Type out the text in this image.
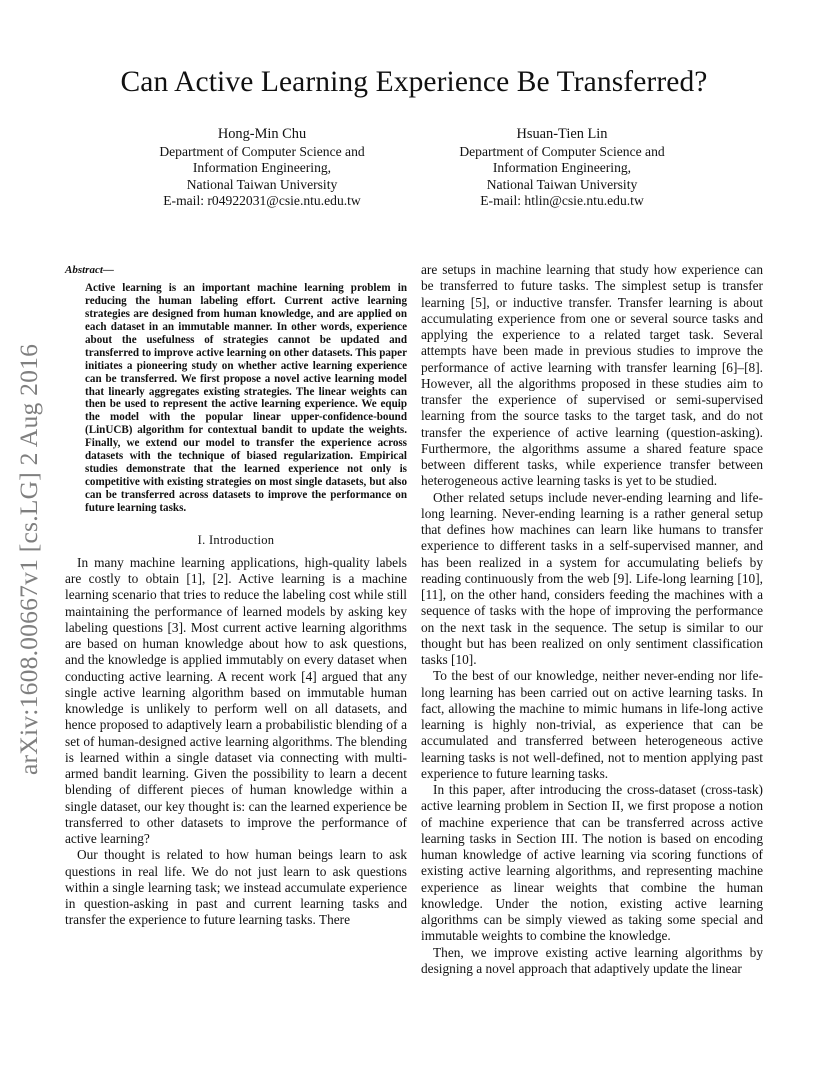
Can Active Learning Experience Be Transferred?
Hong-Min Chu
Department of Computer Science and
Information Engineering,
National Taiwan University
E-mail: r04922031@csie.ntu.edu.tw
Hsuan-Tien Lin
Department of Computer Science and
Information Engineering,
National Taiwan University
E-mail: htlin@csie.ntu.edu.tw
arXiv:1608.00667v1 [cs.LG] 2 Aug 2016
Abstract—
Active learning is an important machine learning problem in reducing the human labeling effort. Current active learning strategies are designed from human knowledge, and are applied on each dataset in an immutable manner. In other words, experience about the usefulness of strategies cannot be updated and transferred to improve active learning on other datasets. This paper initiates a pioneering study on whether active learning experience can be transferred. We first propose a novel active learning model that linearly aggregates existing strategies. The linear weights can then be used to represent the active learning experience. We equip the model with the popular linear upper-confidence-bound (LinUCB) algorithm for contextual bandit to update the weights. Finally, we extend our model to transfer the experience across datasets with the technique of biased regularization. Empirical studies demonstrate that the learned experience not only is competitive with existing strategies on most single datasets, but also can be transferred across datasets to improve the performance on future learning tasks.
I. Introduction

In many machine learning applications, high-quality labels are costly to obtain [1], [2]. Active learning is a machine learning scenario that tries to reduce the labeling cost while still maintaining the performance of learned models by asking key labeling questions [3]. Most current active learning algorithms are based on human knowledge about how to ask questions, and the knowledge is applied immutably on every dataset when conducting active learning. A recent work [4] argued that any single active learning algorithm based on immutable human knowledge is unlikely to perform well on all datasets, and hence proposed to adaptively learn a probabilistic blending of a set of human-designed active learning algorithms. The blending is learned within a single dataset via connecting with multi-armed bandit learning. Given the possibility to learn a decent blending of different pieces of human knowledge within a single dataset, our key thought is: can the learned experience be transferred to other datasets to improve the performance of active learning?

Our thought is related to how human beings learn to ask questions in real life. We do not just learn to ask questions within a single learning task; we instead accumulate experience in question-asking in past and current learning tasks and transfer the experience to future learning tasks. There

are setups in machine learning that study how experience can be transferred to future tasks. The simplest setup is transfer learning [5], or inductive transfer. Transfer learning is about accumulating experience from one or several source tasks and applying the experience to a related target task. Several attempts have been made in previous studies to improve the performance of active learning with transfer learning [6]–[8]. However, all the algorithms proposed in these studies aim to transfer the experience of supervised or semi-supervised learning from the source tasks to the target task, and do not transfer the experience of active learning (question-asking). Furthermore, the algorithms assume a shared feature space between different tasks, while experience transfer between heterogeneous active learning tasks is yet to be studied.

Other related setups include never-ending learning and life-long learning. Never-ending learning is a rather general setup that defines how machines can learn like humans to transfer experience to different tasks in a self-supervised manner, and has been realized in a system for accumulating beliefs by reading continuously from the web [9]. Life-long learning [10], [11], on the other hand, considers feeding the machines with a sequence of tasks with the hope of improving the performance on the next task in the sequence. The setup is similar to our thought but has been realized on only sentiment classification tasks [10].

To the best of our knowledge, neither never-ending nor life-long learning has been carried out on active learning tasks. In fact, allowing the machine to mimic humans in life-long active learning is highly non-trivial, as experience that can be accumulated and transferred between heterogeneous active learning tasks is not well-defined, not to mention applying past experience to future learning tasks.

In this paper, after introducing the cross-dataset (cross-task) active learning problem in Section II, we first propose a notion of machine experience that can be transferred across active learning tasks in Section III. The notion is based on encoding human knowledge of active learning via scoring functions of existing active learning algorithms, and representing machine experience as linear weights that combine the human knowledge. Under the notion, existing active learning algorithms can be simply viewed as taking some special and immutable weights to combine the knowledge.

Then, we improve existing active learning algorithms by designing a novel approach that adaptively update the linear
